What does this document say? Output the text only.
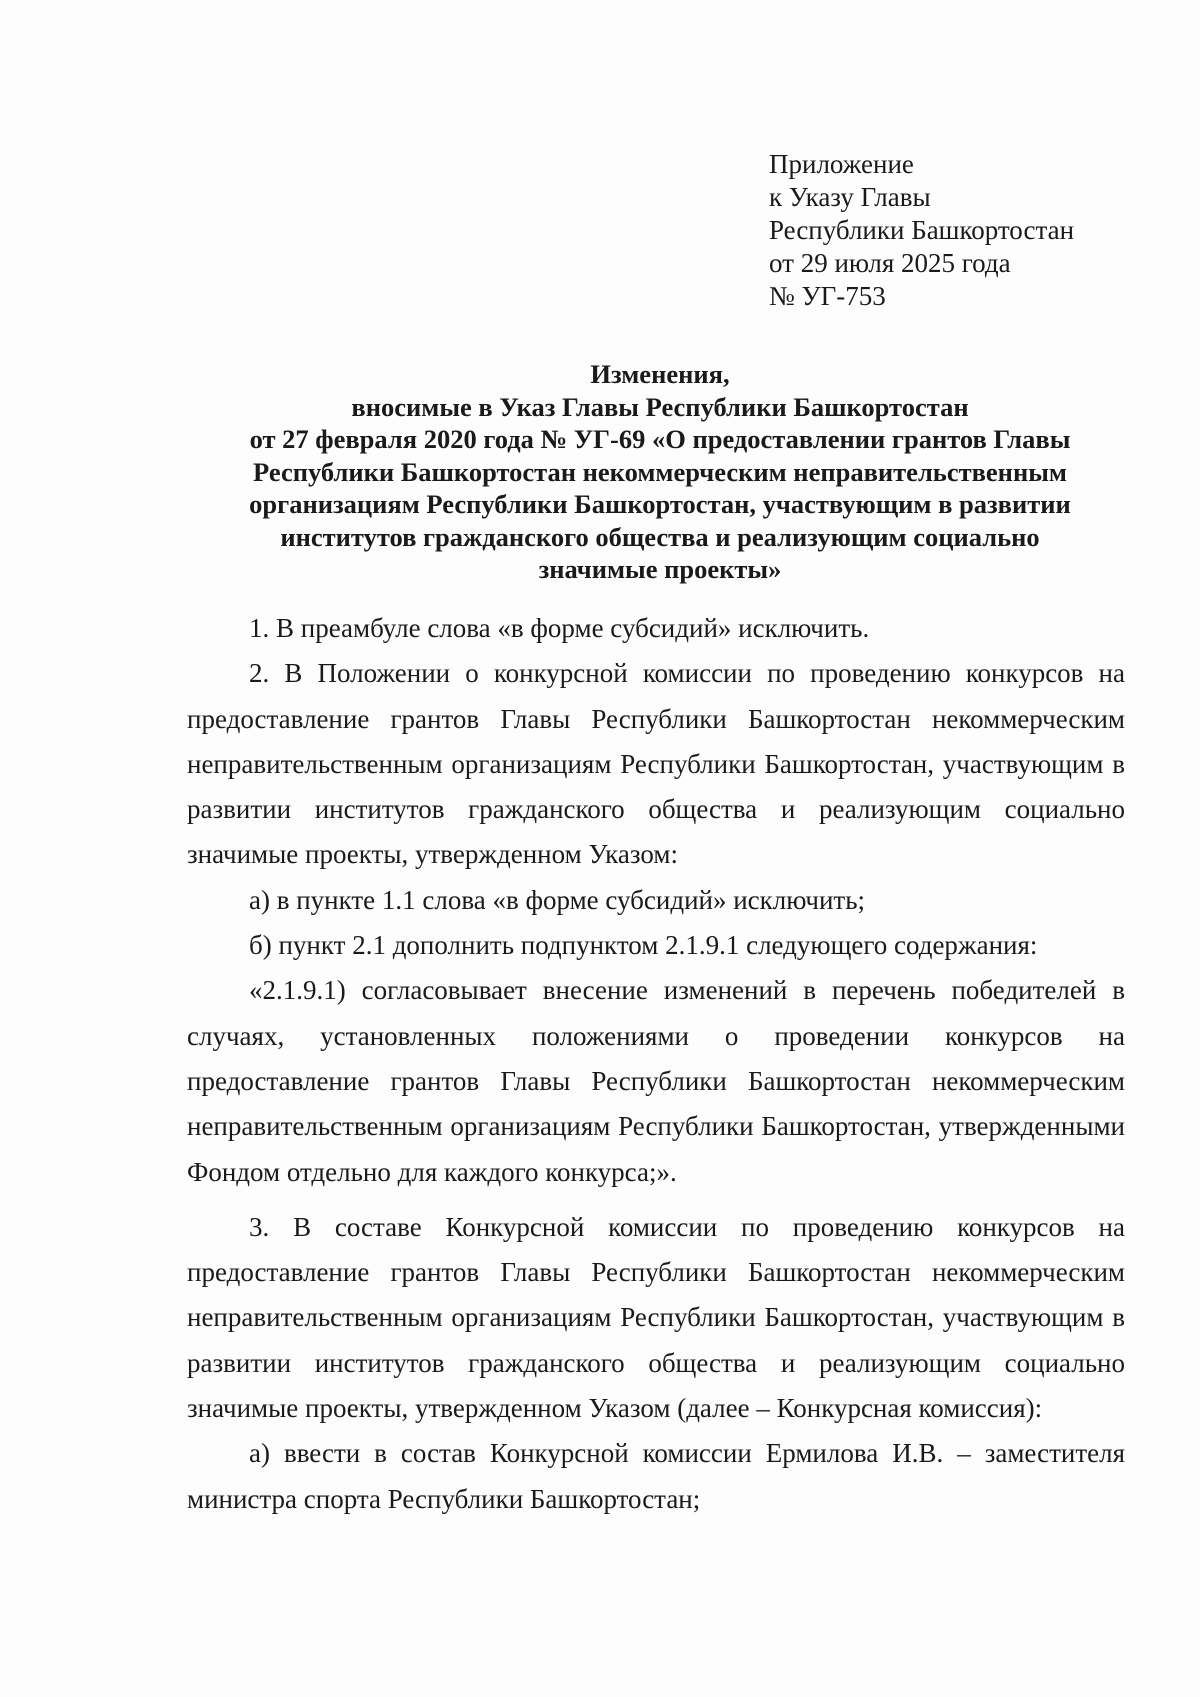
Приложение
к Указу Главы
Республики Башкортостан
от 29 июля 2025 года
№ УГ-753
Изменения,
вносимые в Указ Главы Республики Башкортостан
от 27 февраля 2020 года № УГ-69 «О предоставлении грантов Главы
Республики Башкортостан некоммерческим неправительственным
организациям Республики Башкортостан, участвующим в развитии
институтов гражданского общества и реализующим социально
значимые проекты»

1. В преамбуле слова «в форме субсидий» исключить.

2. В Положении о конкурсной комиссии по проведению конкурсов на предоставление грантов Главы Республики Башкортостан некоммерческим неправительственным организациям Республики Башкортостан, участвующим в развитии институтов гражданского общества и реализующим социально значимые проекты, утвержденном Указом:

а) в пункте 1.1 слова «в форме субсидий» исключить;

б) пункт 2.1 дополнить подпунктом 2.1.9.1 следующего содержания:

«2.1.9.1) согласовывает внесение изменений в перечень победителей в случаях, установленных положениями о проведении конкурсов на предоставление грантов Главы Республики Башкортостан некоммерческим неправительственным организациям Республики Башкортостан, утвержденными Фондом отдельно для каждого конкурса;».

3. В составе Конкурсной комиссии по проведению конкурсов на предоставление грантов Главы Республики Башкортостан некоммерческим неправительственным организациям Республики Башкортостан, участвующим в развитии институтов гражданского общества и реализующим социально значимые проекты, утвержденном Указом (далее – Конкурсная комиссия):

а) ввести в состав Конкурсной комиссии Ермилова И.В. – заместителя министра спорта Республики Башкортостан;
